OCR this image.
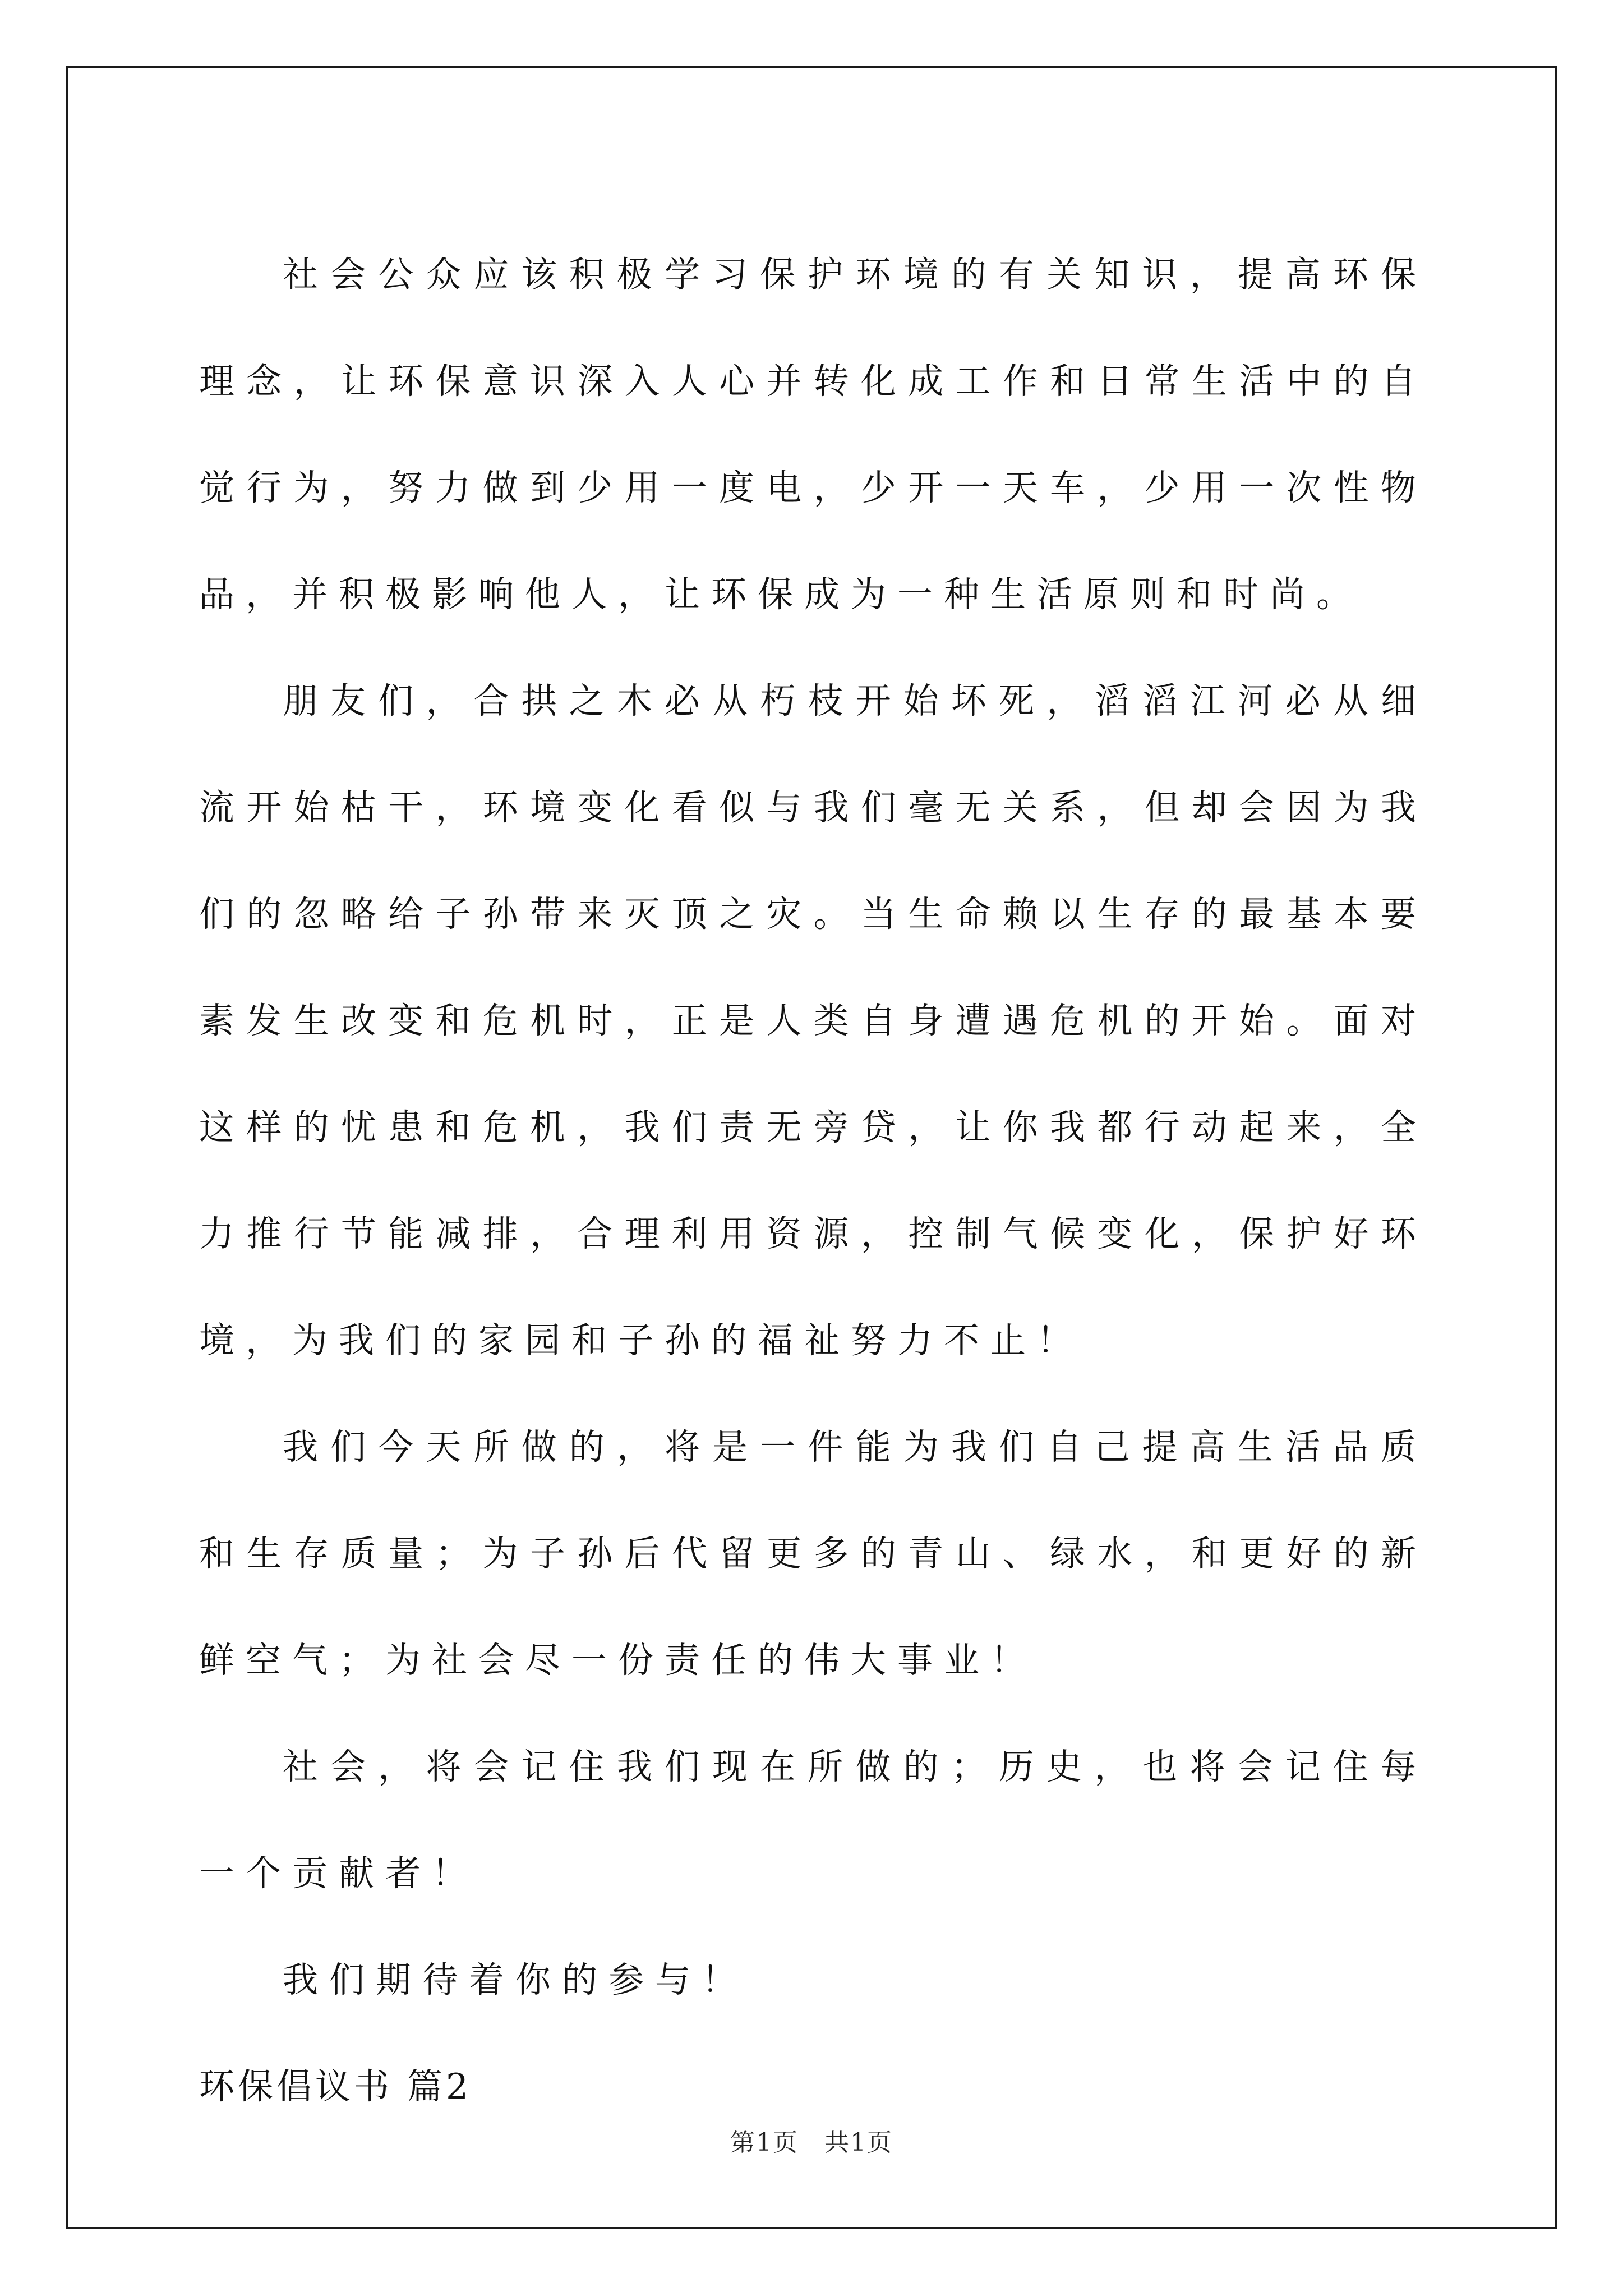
社会公众应该积极学习保护环境的有关知识，提高环保理念，让环保意识深入人心并转化成工作和日常生活中的自觉行为，努力做到少用一度电，少开一天车，少用一次性物品，并积极影响他人，让环保成为一种生活原则和时尚。

朋友们，合拱之木必从朽枝开始坏死，滔滔江河必从细流开始枯干，环境变化看似与我们毫无关系，但却会因为我们的忽略给子孙带来灭顶之灾。当生命赖以生存的最基本要素发生改变和危机时，正是人类自身遭遇危机的开始。面对这样的忧患和危机，我们责无旁贷，让你我都行动起来，全力推行节能减排，合理利用资源，控制气候变化，保护好环境，为我们的家园和子孙的福祉努力不止！

我们今天所做的，将是一件能为我们自己提高生活品质和生存质量；为子孙后代留更多的青山、绿水，和更好的新鲜空气；为社会尽一份责任的伟大事业！

社会，将会记住我们现在所做的；历史，也将会记住每一个贡献者！

我们期待着你的参与！

环保倡议书 篇2

第1页　共1页
